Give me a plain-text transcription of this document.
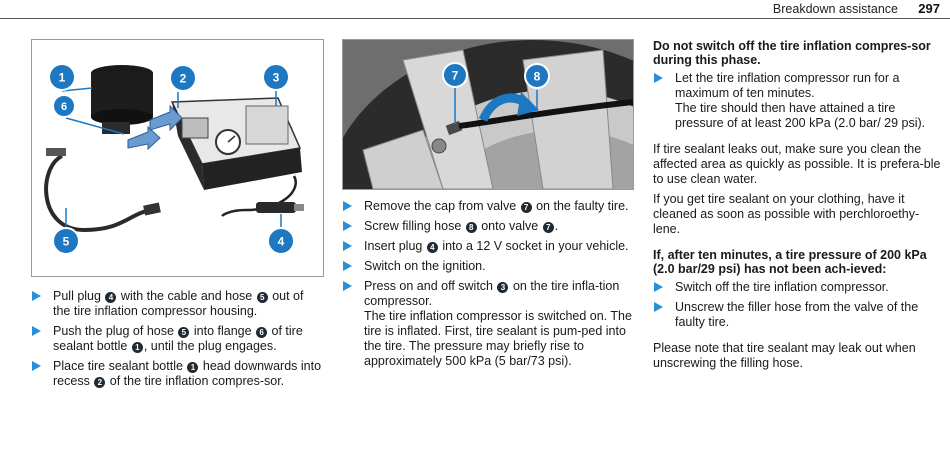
Breakdown assistance 297
1
6
2	3
4
5
7	8

Pull plug 4 with the cable and hose 5 out of the tire inflation compressor housing.

Push the plug of hose 5 into flange 6 of tire sealant bottle 1 , until the plug engages.

Place tire sealant bottle 1 head downwards into recess 2 of the tire inflation compres-sor.

Remove the cap from valve 7 on the faulty tire.

Screw filling hose 8 onto valve 7 .

Insert plug 4 into a 12 V socket in your vehicle.

Switch on the ignition.

Press on and off switch 3 on the tire infla-tion compressor.

The tire inflation compressor is switched on. The tire is inflated. First, tire sealant is pum-ped into the tire. The pressure may briefly rise to approximately 500 kPa (5 bar/73 psi).

Do not switch off the tire inflation compres-sor during this phase.

Let the tire inflation compressor run for a maximum of ten minutes.

The tire should then have attained a tire pressure of at least 200 kPa (2.0 bar/ 29 psi).

If tire sealant leaks out, make sure you clean the affected area as quickly as possible. It is prefera-ble to use clean water.

If you get tire sealant on your clothing, have it cleaned as soon as possible with perchloroethy-lene.

If, after ten minutes, a tire pressure of 200 kPa (2.0 bar/29 psi) has not been ach-ieved:

Switch off the tire inflation compressor.

Unscrew the filler hose from the valve of the faulty tire.

Please note that tire sealant may leak out when unscrewing the filling hose.
